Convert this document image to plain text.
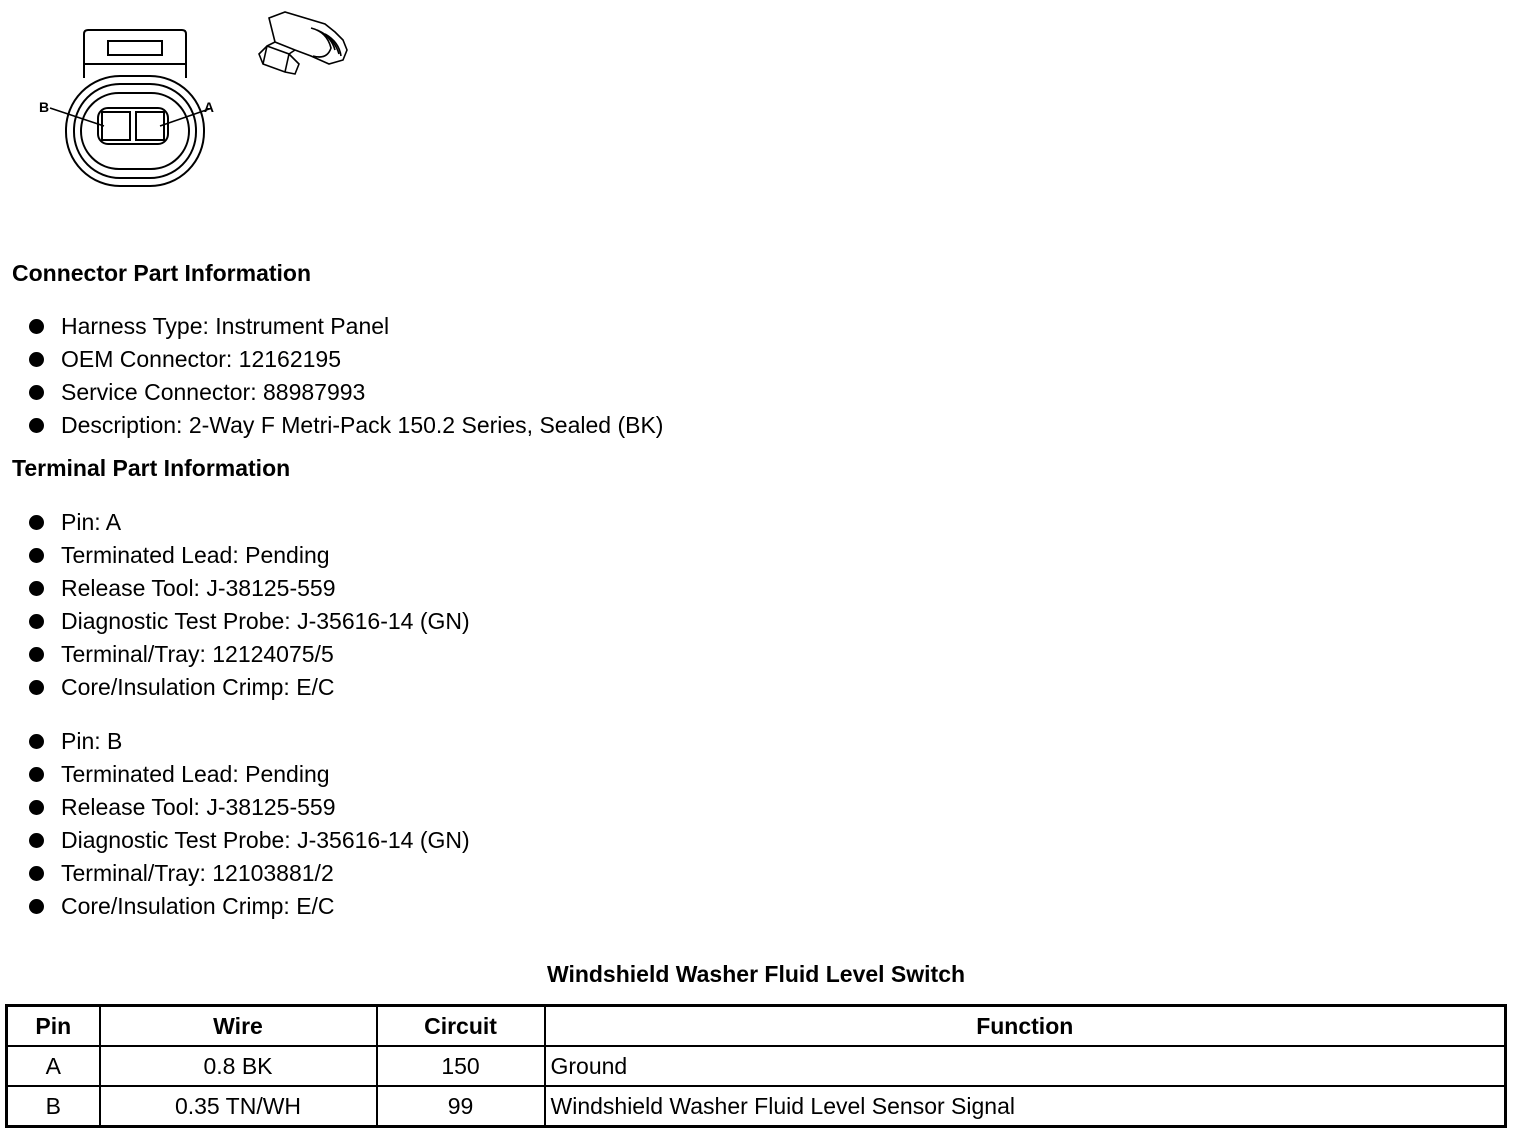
B	A
Connector Part Information
Harness Type: Instrument Panel
OEM Connector: 12162195
Service Connector: 88987993
Description: 2-Way F Metri-Pack 150.2 Series, Sealed (BK)
Terminal Part Information
Pin: A
Terminated Lead: Pending
Release Tool: J-38125-559
Diagnostic Test Probe: J-35616-14 (GN)
Terminal/Tray: 12124075/5
Core/Insulation Crimp: E/C
Pin: B
Terminated Lead: Pending
Release Tool: J-38125-559
Diagnostic Test Probe: J-35616-14 (GN)
Terminal/Tray: 12103881/2
Core/Insulation Crimp: E/C
Windshield Washer Fluid Level Switch
Pin	Wire	Circuit	Function
A	0.8 BK	150	Ground
B	0.35 TN/WH	99	Windshield Washer Fluid Level Sensor Signal
